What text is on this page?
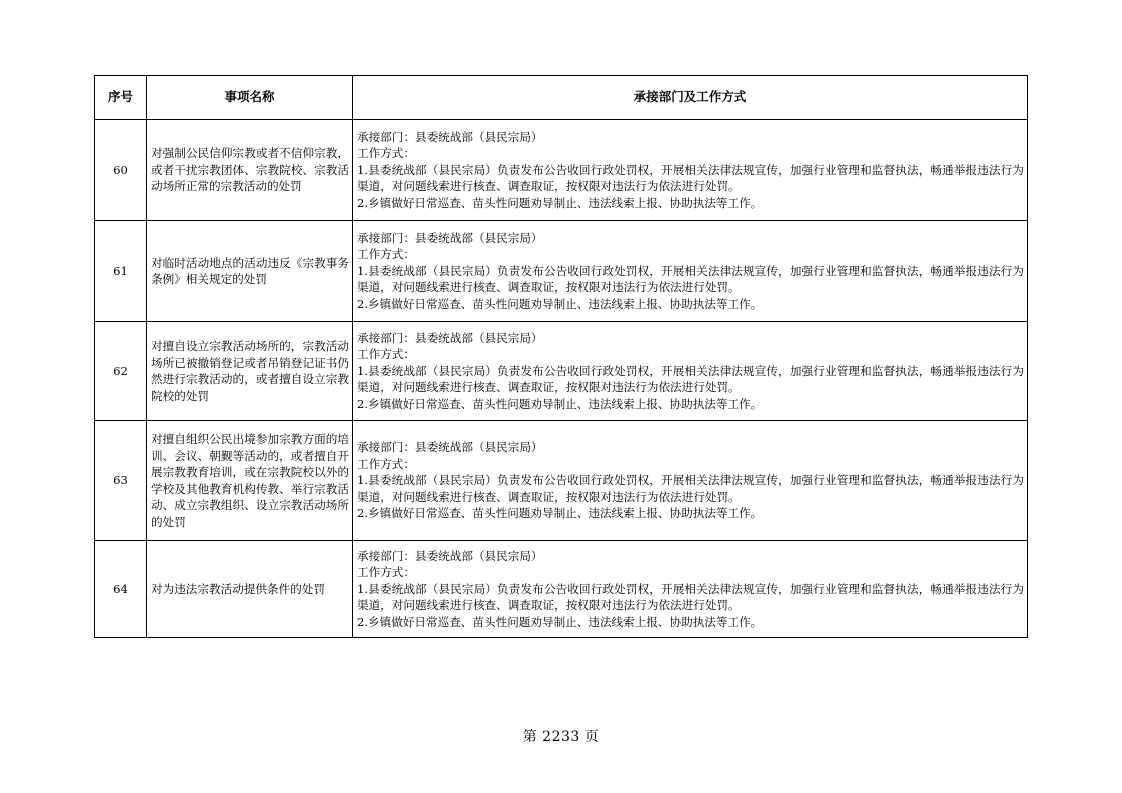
序号	事项名称	承接部门及工作方式
60	对强制公民信仰宗教或者不信仰宗教，或者干扰宗教团体、宗教院校、宗教活动场所正常的宗教活动的处罚	承接部门：县委统战部（县民宗局）
工作方式：
1.县委统战部（县民宗局）负责发布公告收回行政处罚权，开展相关法律法规宣传，加强行业管理和监督执法，畅通举报违法行为渠道，对问题线索进行核查、调查取证，按权限对违法行为依法进行处罚。
2.乡镇做好日常巡查、苗头性问题劝导制止、违法线索上报、协助执法等工作。

61	对临时活动地点的活动违反《宗教事务条例》相关规定的处罚	承接部门：县委统战部（县民宗局）
工作方式：
1.县委统战部（县民宗局）负责发布公告收回行政处罚权，开展相关法律法规宣传，加强行业管理和监督执法，畅通举报违法行为渠道，对问题线索进行核查、调查取证，按权限对违法行为依法进行处罚。
2.乡镇做好日常巡查、苗头性问题劝导制止、违法线索上报、协助执法等工作。

62	对擅自设立宗教活动场所的，宗教活动场所已被撤销登记或者吊销登记证书仍然进行宗教活动的，或者擅自设立宗教院校的处罚	承接部门：县委统战部（县民宗局）
工作方式：
1.县委统战部（县民宗局）负责发布公告收回行政处罚权，开展相关法律法规宣传，加强行业管理和监督执法，畅通举报违法行为渠道，对问题线索进行核查、调查取证，按权限对违法行为依法进行处罚。
2.乡镇做好日常巡查、苗头性问题劝导制止、违法线索上报、协助执法等工作。

63	对擅自组织公民出境参加宗教方面的培训、会议、朝觐等活动的，或者擅自开展宗教教育培训，或在宗教院校以外的学校及其他教育机构传教、举行宗教活动、成立宗教组织、设立宗教活动场所的处罚	承接部门：县委统战部（县民宗局）
工作方式：
1.县委统战部（县民宗局）负责发布公告收回行政处罚权，开展相关法律法规宣传，加强行业管理和监督执法，畅通举报违法行为渠道，对问题线索进行核查、调查取证，按权限对违法行为依法进行处罚。
2.乡镇做好日常巡查、苗头性问题劝导制止、违法线索上报、协助执法等工作。

64	对为违法宗教活动提供条件的处罚	承接部门：县委统战部（县民宗局）
工作方式：
1.县委统战部（县民宗局）负责发布公告收回行政处罚权，开展相关法律法规宣传，加强行业管理和监督执法，畅通举报违法行为渠道，对问题线索进行核查、调查取证，按权限对违法行为依法进行处罚。
2.乡镇做好日常巡查、苗头性问题劝导制止、违法线索上报、协助执法等工作。
第 2233 页
